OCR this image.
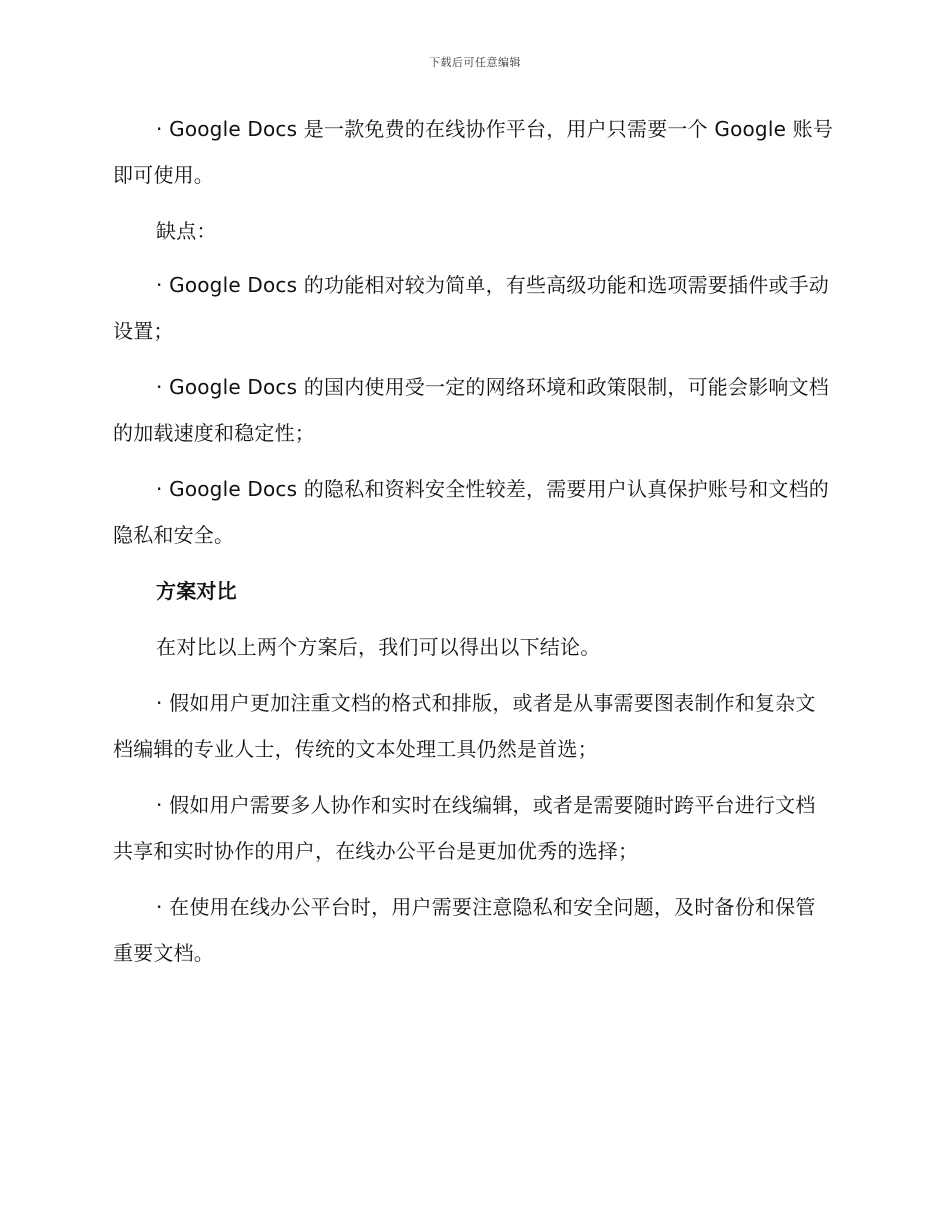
下载后可任意编辑

· Google Docs 是一款免费的在线协作平台，用户只需要一个 Google 账号即可使用。

缺点：

· Google Docs 的功能相对较为简单，有些高级功能和选项需要插件或手动设置；

· Google Docs 的国内使用受一定的网络环境和政策限制，可能会影响文档的加载速度和稳定性；

· Google Docs 的隐私和资料安全性较差，需要用户认真保护账号和文档的隐私和安全。

方案对比

在对比以上两个方案后，我们可以得出以下结论。

· 假如用户更加注重文档的格式和排版，或者是从事需要图表制作和复杂文档编辑的专业人士，传统的文本处理工具仍然是首选；

· 假如用户需要多人协作和实时在线编辑，或者是需要随时跨平台进行文档共享和实时协作的用户，在线办公平台是更加优秀的选择；

· 在使用在线办公平台时，用户需要注意隐私和安全问题，及时备份和保管重要文档。
